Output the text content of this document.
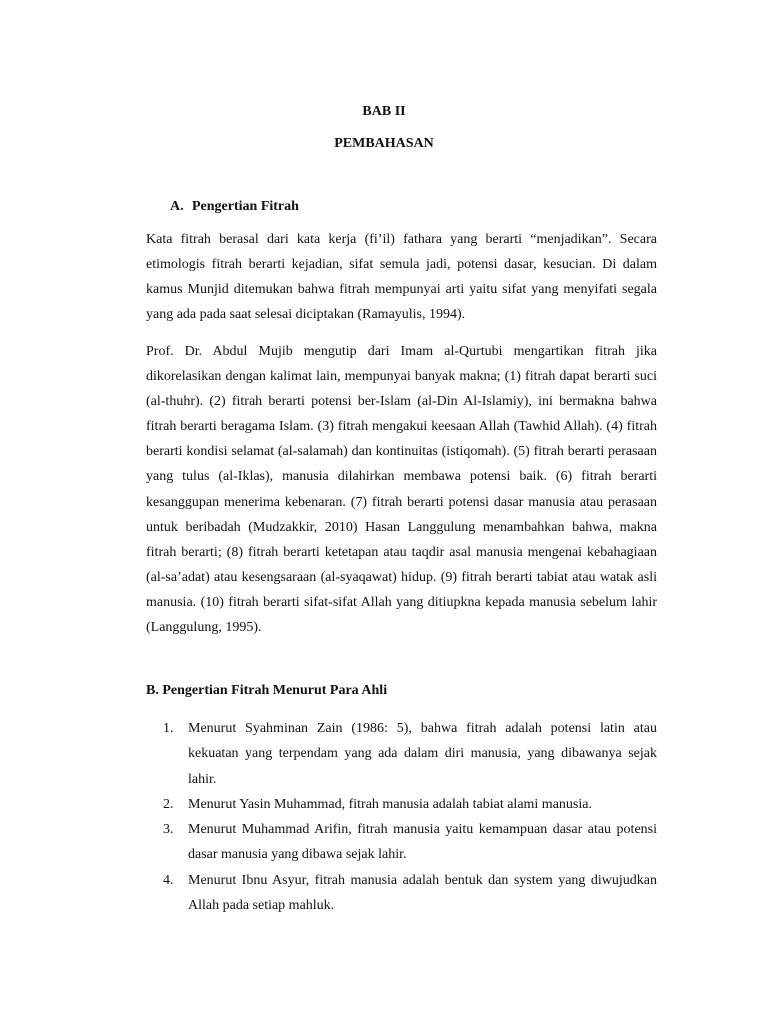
BAB II
PEMBAHASAN
A. Pengertian Fitrah

Kata fitrah berasal dari kata kerja (fi’il) fathara yang berarti “menjadikan”. Secara etimologis fitrah berarti kejadian, sifat semula jadi, potensi dasar, kesucian. Di dalam kamus Munjid ditemukan bahwa fitrah mempunyai arti yaitu sifat yang menyifati segala yang ada pada saat selesai diciptakan (Ramayulis, 1994).

Prof. Dr. Abdul Mujib mengutip dari Imam al-Qurtubi mengartikan fitrah jika dikorelasikan dengan kalimat lain, mempunyai banyak makna; (1) fitrah dapat berarti suci (al-thuhr). (2) fitrah berarti potensi ber-Islam (al-Din Al-Islamiy), ini bermakna bahwa fitrah berarti beragama Islam. (3) fitrah mengakui keesaan Allah (Tawhid Allah). (4) fitrah berarti kondisi selamat (al-salamah) dan kontinuitas (istiqomah). (5) fitrah berarti perasaan yang tulus (al-Iklas), manusia dilahirkan membawa potensi baik. (6) fitrah berarti kesanggupan menerima kebenaran. (7) fitrah berarti potensi dasar manusia atau perasaan untuk beribadah (Mudzakkir, 2010) Hasan Langgulung menambahkan bahwa, makna fitrah berarti; (8) fitrah berarti ketetapan atau taqdir asal manusia mengenai kebahagiaan (al-sa’adat) atau kesengsaraan (al-syaqawat) hidup. (9) fitrah berarti tabiat atau watak asli manusia. (10) fitrah berarti sifat-sifat Allah yang ditiupkna kepada manusia sebelum lahir (Langgulung, 1995).

B. Pengertian Fitrah Menurut Para Ahli
1. Menurut Syahminan Zain (1986: 5), bahwa fitrah adalah potensi latin atau kekuatan yang terpendam yang ada dalam diri manusia, yang dibawanya sejak lahir.
2. Menurut Yasin Muhammad, fitrah manusia adalah tabiat alami manusia.
3. Menurut Muhammad Arifin, fitrah manusia yaitu kemampuan dasar atau potensi dasar manusia yang dibawa sejak lahir.
4. Menurut Ibnu Asyur, fitrah manusia adalah bentuk dan system yang diwujudkan Allah pada setiap mahluk.
